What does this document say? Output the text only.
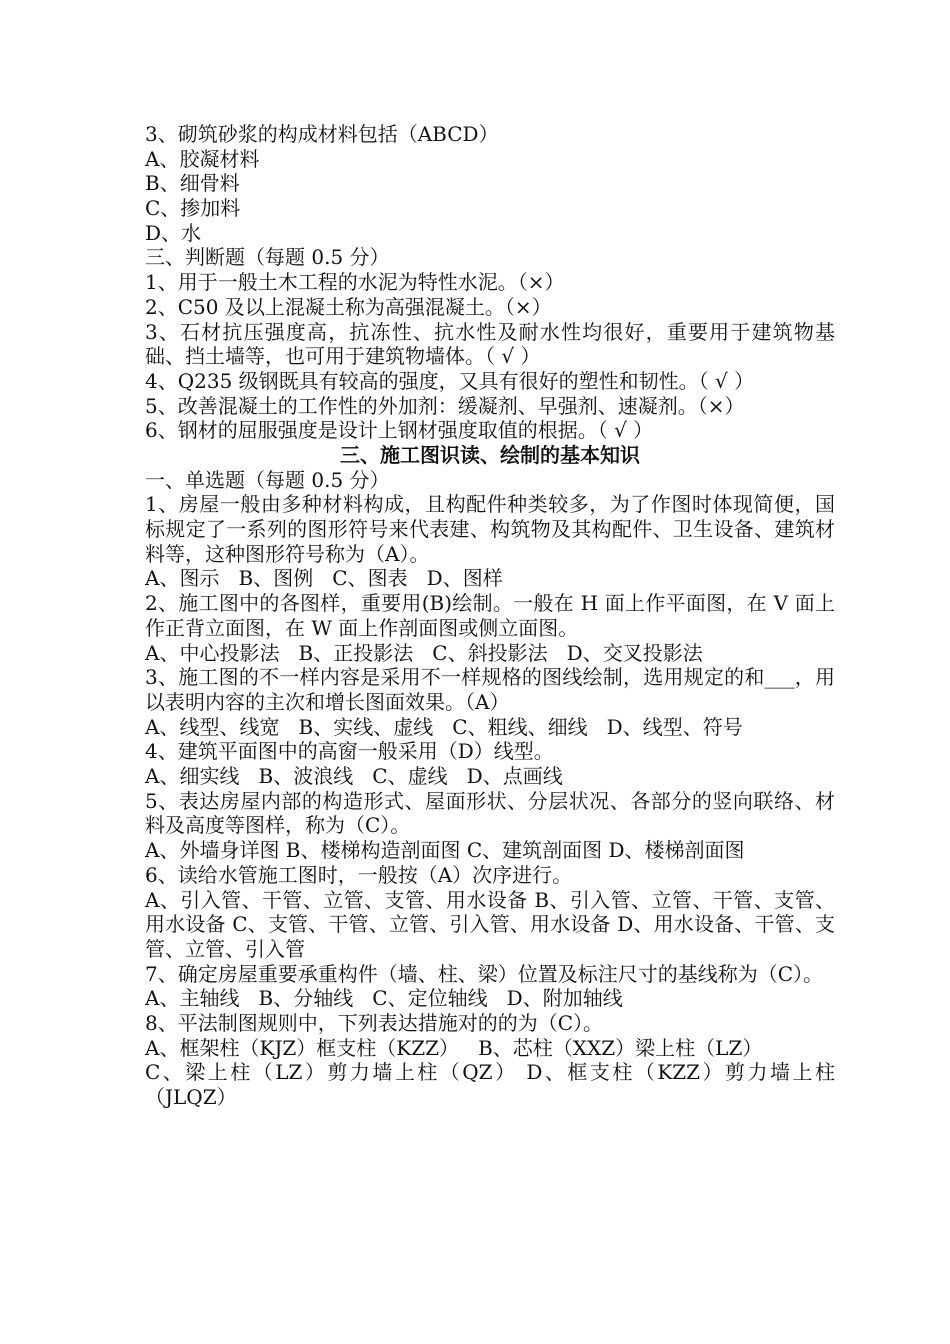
3、砌筑砂浆的构成材料包括（ABCD）
A、胶凝材料
B、细骨料
C、掺加料
D、水
三、判断题（每题 0.5 分）
1、用于一般土木工程的水泥为特性水泥。（×）
2、C50 及以上混凝土称为高强混凝土。（×）
3、石材抗压强度高，抗冻性、抗水性及耐水性均很好，重要用于建筑物基础、挡土墙等，也可用于建筑物墙体。（ √ ）
4、Q235 级钢既具有较高的强度，又具有很好的塑性和韧性。（ √ ）
5、改善混凝土的工作性的外加剂：缓凝剂、早强剂、速凝剂。（×）
6、钢材的屈服强度是设计上钢材强度取值的根据。（ √ ）
三、施工图识读、绘制的基本知识
一、单选题（每题 0.5 分）
1、房屋一般由多种材料构成，且构配件种类较多，为了作图时体现简便，国标规定了一系列的图形符号来代表建、构筑物及其构配件、卫生设备、建筑材料等，这种图形符号称为（A）。
A、图示   B、图例   C、图表   D、图样
2、施工图中的各图样，重要用(B)绘制。一般在 H 面上作平面图，在 V 面上作正背立面图，在 W 面上作剖面图或侧立面图。
A、中心投影法   B、正投影法   C、斜投影法   D、交叉投影法
3、施工图的不一样内容是采用不一样规格的图线绘制，选用规定的和___，用以表明内容的主次和增长图面效果。（A）
A、线型、线宽   B、实线、虚线   C、粗线、细线   D、线型、符号
4、建筑平面图中的高窗一般采用（D）线型。
A、细实线   B、波浪线   C、虚线   D、点画线
5、表达房屋内部的构造形式、屋面形状、分层状况、各部分的竖向联络、材料及高度等图样，称为（C）。
A、外墙身详图 B、楼梯构造剖面图 C、建筑剖面图 D、楼梯剖面图
6、读给水管施工图时，一般按（A）次序进行。
A、引入管、干管、立管、支管、用水设备 B、引入管、立管、干管、支管、用水设备 C、支管、干管、立管、引入管、用水设备 D、用水设备、干管、支管、立管、引入管
7、确定房屋重要承重构件（墙、柱、梁）位置及标注尺寸的基线称为（C）。
A、主轴线   B、分轴线   C、定位轴线   D、附加轴线
8、平法制图规则中，下列表达措施对的的为（C）。
A、框架柱（KJZ）框支柱（KZZ）   B、芯柱（XXZ）梁上柱（LZ）
C、梁上柱（LZ）剪力墙上柱（QZ） D、框支柱（KZZ）剪力墙上柱（JLQZ）
